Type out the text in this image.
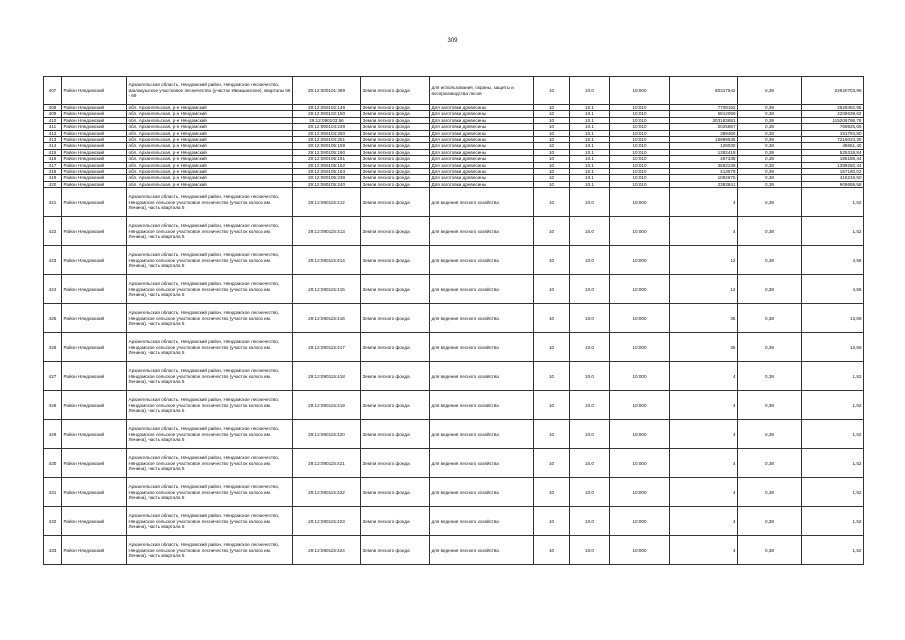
309
407	Район Няндомский	Архангельская область, Няндомский район, Няндомское лесничество, Шалакушское участковое лесничество (участок Ивакшанское), кварталы 66 - 69	29:12:000101:389	Земли лесного фонда	для использования, охраны, защиты и воспроизводства лесов	10	10.0	10:000	60317542	0,38	22920703,96
408	Район Няндомский	обл. Архангельская, р-н Няндомский	29:12:090102:149	Земли лесного фонда	Для заготовки древесины	10	10.1	10:010	7709192	0,38	2929492,96
409	Район Няндомский	обл. Архангельская, р-н Няндомский	29:12:090102:150	Земли лесного фонда	Для заготовки древесины	10	10.1	10:010	5812069	0,38	2208639,62
410	Район Няндомский	обл. Архангельская, р-н Няндомский	29:12:090103:56	Земли лесного фонда	Для заготовки древесины	10	10.1	10:010	303183681	0,38	115209798,78
411	Район Няндомский	обл. Архангельская, р-н Няндомский	29:12:090104:249	Земли лесного фонда	Для заготовки древесины	10	10.1	10:010	2025857	0,38	769825,66
412	Район Няндомский	обл. Архангельская, р-н Няндомский	29:12:090104:250	Земли лесного фонда	Для заготовки древесины	10	10.1	10:010	399460	0,38	151794,80
413	Район Няндомский	обл. Архангельская, р-н Няндомский	29:12:090104:251	Земли лесного фонда	Для заготовки древесины	10	10.1	10:010	18989535	0,38	7216023,30
414	Район Няндомский	обл. Архангельская, р-н Няндомский	29:12:090105:159	Земли лесного фонда	Для заготовки древесины	10	10.1	10:010	128030	0,38	48651,40
415	Район Няндомский	обл. Архангельская, р-н Няндомский	29:12:090105:160	Земли лесного фонда	Для заготовки древесины	10	10.1	10:010	1382418	0,38	525318,84
416	Район Няндомский	обл. Архангельская, р-н Няндомский	29:12:090105:161	Земли лесного фонда	Для заготовки древесины	10	10.1	10:010	487338	0,38	185188,44
417	Район Няндомский	обл. Архангельская, р-н Няндомский	29:12:090105:162	Земли лесного фонда	Для заготовки древесины	10	10.1	10:010	3682238	0,38	1399250,44
418	Район Няндомский	обл. Архангельская, р-н Няндомский	29:12:090105:163	Земли лесного фонда	Для заготовки древесины	10	10.1	10:010	413579	0,38	157160,02
419	Район Няндомский	обл. Архангельская, р-н Няндомский	29:12:090105:238	Земли лесного фонда	Для заготовки древесины	10	10.1	10:010	1092675	0,38	415216,50
420	Район Няндомский	обл. Архангельская, р-н Няндомский	29:12:090105:240	Земли лесного фонда	Для заготовки древесины	10	10.1	10:010	2393841	0,38	909659,58
421	Район Няндомский	Архангельская область, Няндомский район, Няндомское лесничество, Няндомское сельское участковое лесничество (участок колхоз им. Ленина), часть квартала 5	29:12:090115:412	Земли лесного фонда	для ведения лесного хозяйства	10	10.0	10:000	4	0,38	1,52
422	Район Няндомский	Архангельская область, Няндомский район, Няндомское лесничество, Няндомское сельское участковое лесничество (участок колхоз им. Ленина), часть квартала 5	29:12:090115:413	Земли лесного фонда	для ведения лесного хозяйства	10	10.0	10:000	4	0,38	1,52
423	Район Няндомский	Архангельская область, Няндомский район, Няндомское лесничество, Няндомское сельское участковое лесничество (участок колхоз им. Ленина), часть квартала 5	29:12:090115:414	Земли лесного фонда	для ведения лесного хозяйства	10	10.0	10:000	12	0,38	4,56
424	Район Няндомский	Архангельская область, Няндомский район, Няндомское лесничество, Няндомское сельское участковое лесничество (участок колхоз им. Ленина), часть квартала 5	29:12:090115:415	Земли лесного фонда	для ведения лесного хозяйства	10	10.0	10:000	12	0,38	4,56
425	Район Няндомский	Архангельская область, Няндомский район, Няндомское лесничество, Няндомское сельское участковое лесничество (участок колхоз им. Ленина), часть квартала 5	29:12:090115:416	Земли лесного фонда	для ведения лесного хозяйства	10	10.0	10:000	36	0,38	13,68
426	Район Няндомский	Архангельская область, Няндомский район, Няндомское лесничество, Няндомское сельское участковое лесничество (участок колхоз им. Ленина), часть квартала 5	29:12:090115:417	Земли лесного фонда	для ведения лесного хозяйства	10	10.0	10:000	36	0,38	13,68
427	Район Няндомский	Архангельская область, Няндомский район, Няндомское лесничество, Няндомское сельское участковое лесничество (участок колхоз им. Ленина), часть квартала 5	29:12:090115:418	Земли лесного фонда	для ведения лесного хозяйства	10	10.0	10:000	4	0,38	1,52
428	Район Няндомский	Архангельская область, Няндомский район, Няндомское лесничество, Няндомское сельское участковое лесничество (участок колхоз им. Ленина), часть квартала 5	29:12:090115:419	Земли лесного фонда	для ведения лесного хозяйства	10	10.0	10:000	4	0,38	1,52
429	Район Няндомский	Архангельская область, Няндомский район, Няндомское лесничество, Няндомское сельское участковое лесничество (участок колхоз им. Ленина), часть квартала 5	29:12:090115:420	Земли лесного фонда	для ведения лесного хозяйства	10	10.0	10:000	4	0,38	1,52
430	Район Няндомский	Архангельская область, Няндомский район, Няндомское лесничество, Няндомское сельское участковое лесничество (участок колхоз им. Ленина), часть квартала 5	29:12:090115:421	Земли лесного фонда	для ведения лесного хозяйства	10	10.0	10:000	4	0,38	1,52
431	Район Няндомский	Архангельская область, Няндомский район, Няндомское лесничество, Няндомское сельское участковое лесничество (участок колхоз им. Ленина), часть квартала 5	29:12:090115:422	Земли лесного фонда	для ведения лесного хозяйства	10	10.0	10:000	4	0,38	1,52
432	Район Няндомский	Архангельская область, Няндомский район, Няндомское лесничество, Няндомское сельское участковое лесничество (участок колхоз им. Ленина), часть квартала 5	29:12:090115:423	Земли лесного фонда	для ведения лесного хозяйства	10	10.0	10:000	4	0,38	1,52
433	Район Няндомский	Архангельская область, Няндомский район, Няндомское лесничество, Няндомское сельское участковое лесничество (участок колхоз им. Ленина), часть квартала 5	29:12:090115:424	Земли лесного фонда	для ведения лесного хозяйства	10	10.0	10:000	4	0,38	1,52
